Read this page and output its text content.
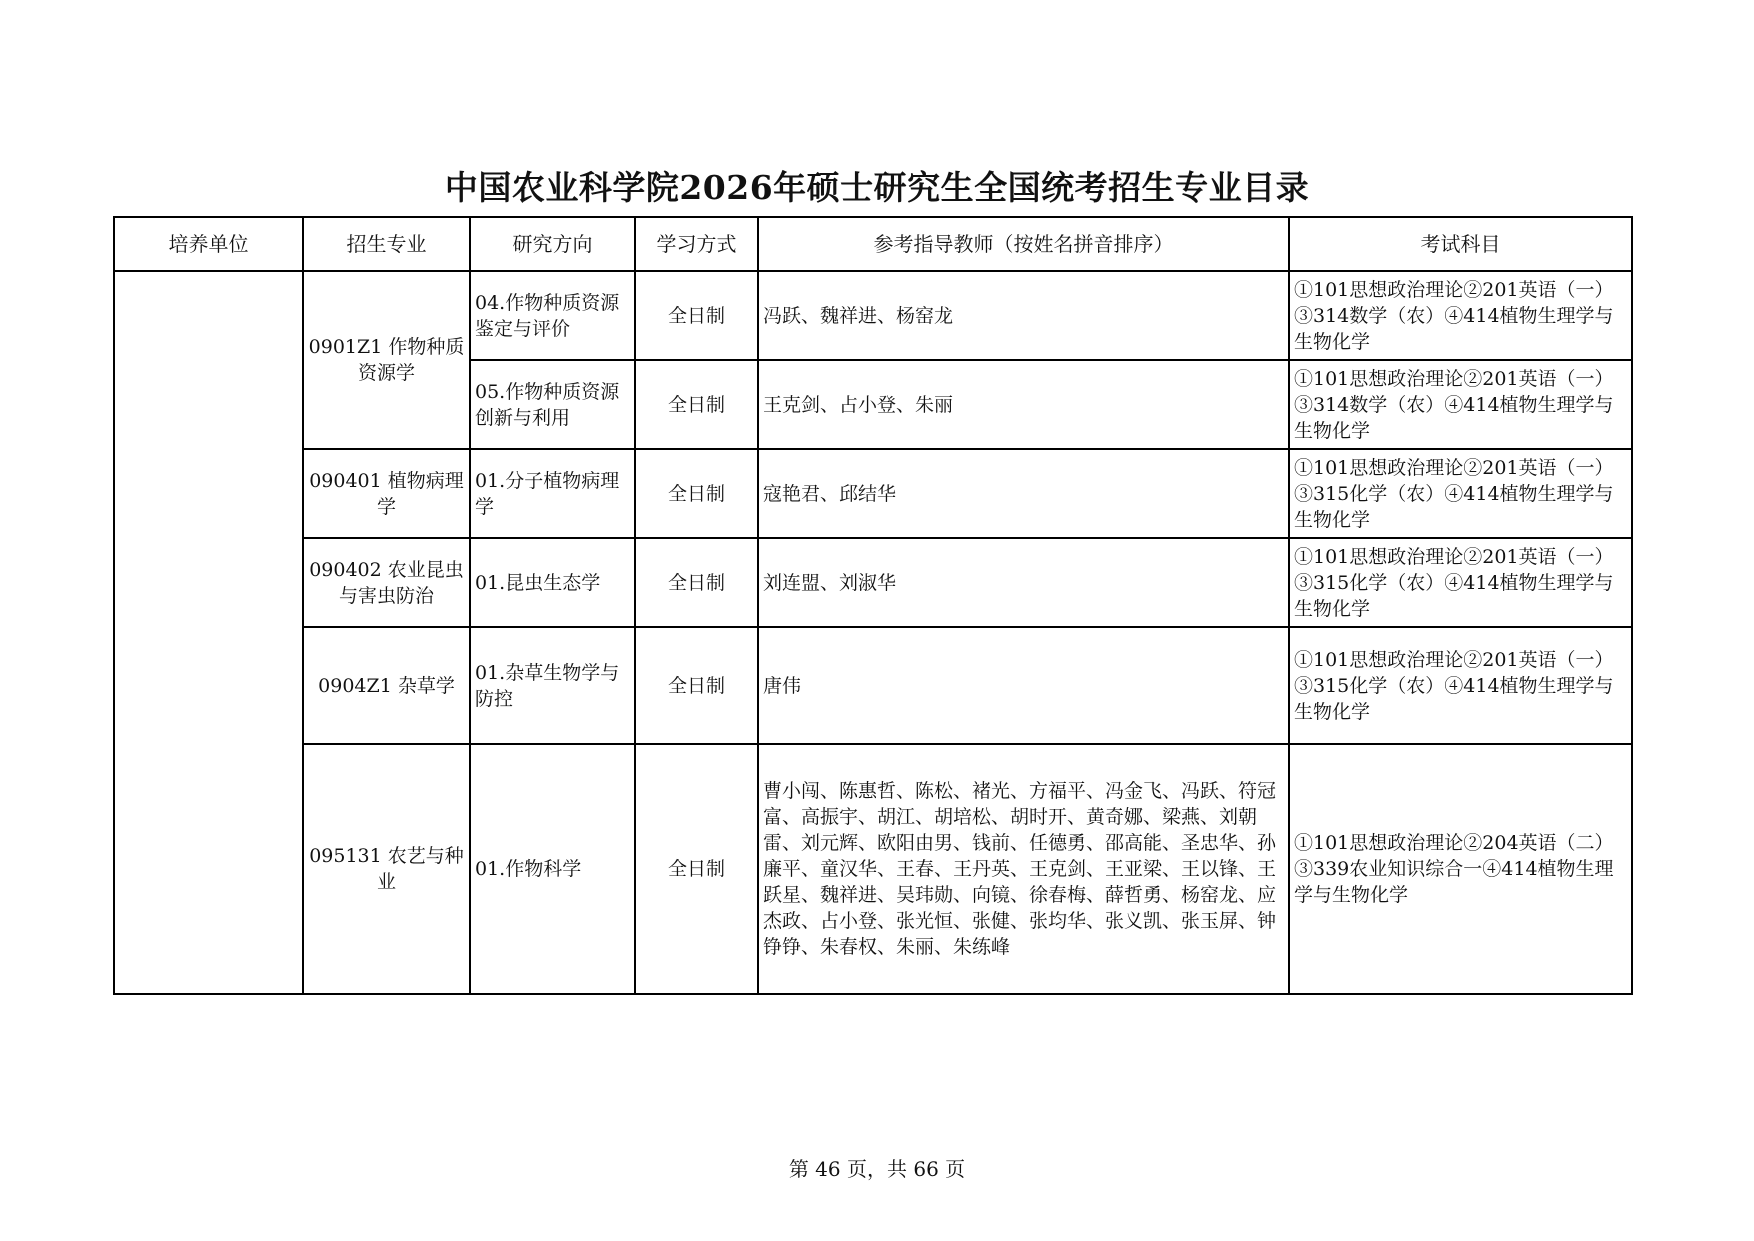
中国农业科学院2026年硕士研究生全国统考招生专业目录
培养单位	招生专业	研究方向	学习方式	参考指导教师（按姓名拼音排序）	考试科目
	0901Z1 作物种质资源学	04.作物种质资源鉴定与评价	全日制	冯跃、魏祥进、杨窑龙	①101思想政治理论②201英语（一）③314数学（农）④414植物生理学与生物化学
		05.作物种质资源创新与利用	全日制	王克剑、占小登、朱丽	①101思想政治理论②201英语（一）③314数学（农）④414植物生理学与生物化学
	090401 植物病理学	01.分子植物病理学	全日制	寇艳君、邱结华	①101思想政治理论②201英语（一）③315化学（农）④414植物生理学与生物化学
	090402 农业昆虫与害虫防治	01.昆虫生态学	全日制	刘连盟、刘淑华	①101思想政治理论②201英语（一）③315化学（农）④414植物生理学与生物化学
	0904Z1 杂草学	01.杂草生物学与防控	全日制	唐伟	①101思想政治理论②201英语（一）③315化学（农）④414植物生理学与生物化学
	095131 农艺与种业	01.作物科学	全日制	曹小闯、陈惠哲、陈松、褚光、方福平、冯金飞、冯跃、符冠富、高振宇、胡江、胡培松、胡时开、黄奇娜、梁燕、刘朝雷、刘元辉、欧阳由男、钱前、任德勇、邵高能、圣忠华、孙廉平、童汉华、王春、王丹英、王克剑、王亚梁、王以锋、王跃星、魏祥进、吴玮勋、向镜、徐春梅、薛哲勇、杨窑龙、应杰政、占小登、张光恒、张健、张均华、张义凯、张玉屏、钟铮铮、朱春权、朱丽、朱练峰	①101思想政治理论②204英语（二）③339农业知识综合一④414植物生理学与生物化学
第 46 页，共 66 页
